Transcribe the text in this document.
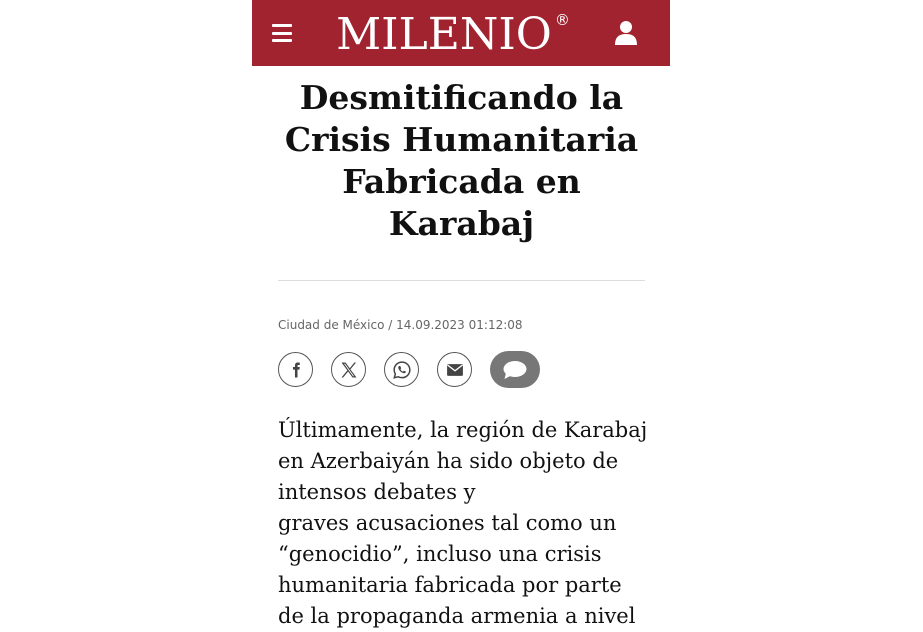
MILENIO ®
Desmitificando la
Crisis Humanitaria
Fabricada en
Karabaj
Ciudad de México / 14.09.2023 01:12:08

Últimamente, la región de Karabaj
en Azerbaiyán ha sido objeto de
intensos debates y
graves acusaciones tal como un
“genocidio”, incluso una crisis
humanitaria fabricada por parte
de la propaganda armenia a nivel
